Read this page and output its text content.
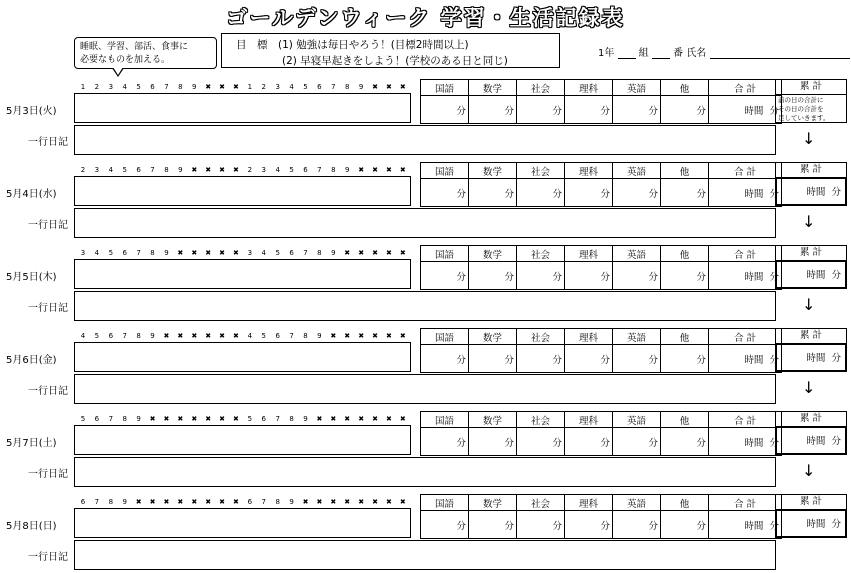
ゴールデンウィーク 学習・生活記録表
睡眠、学習、部活、食事に
必要なものを加える。
目　標　(1) 勉強は毎日やろう！(目標2時間以上)
(2) 早寝早起きをしよう！(学校のある日と同じ)
1年 組 番 氏名
1	2	3	4	5	6	7	8	9	✖ ✖ ✖	1	2	3	4	5	6	7	8	9	✖ ✖ ✖
5月3日(火)
国語	数学	社会	理科	英語	他	合 計
分	分	分	分	分	分	時間 分
累 計
前の日の合計に
その日の合計を
足していきます。
一行日記	↓
2	3	4	5	6	7	8	9	✖ ✖ ✖ ✖	2	3	4	5	6	7	8	9	✖ ✖ ✖ ✖
5月4日(水)
国語	数学	社会	理科	英語	他	合 計
分	分	分	分	分	分	時間 分
累 計
時間 分
一行日記	↓
3	4	5	6	7	8	9	✖ ✖ ✖ ✖ ✖	3	4	5	6	7	8	9	✖ ✖ ✖ ✖ ✖
5月5日(木)
国語	数学	社会	理科	英語	他	合 計
分	分	分	分	分	分	時間 分
累 計
時間 分
一行日記	↓
4	5	6	7	8	9	✖ ✖ ✖ ✖ ✖ ✖	4	5	6	7	8	9	✖ ✖ ✖ ✖ ✖ ✖
5月6日(金)
国語	数学	社会	理科	英語	他	合 計
分	分	分	分	分	分	時間 分
累 計
時間 分
一行日記	↓
5	6	7	8	9	✖ ✖ ✖ ✖ ✖ ✖ ✖	5	6	7	8	9	✖ ✖ ✖ ✖ ✖ ✖ ✖
5月7日(土)
国語	数学	社会	理科	英語	他	合 計
分	分	分	分	分	分	時間 分
累 計
時間 分
一行日記	↓
6	7	8	9	✖ ✖ ✖ ✖ ✖ ✖ ✖ ✖	6	7	8	9	✖ ✖ ✖ ✖ ✖ ✖ ✖ ✖
5月8日(日)
国語	数学	社会	理科	英語	他	合 計
分	分	分	分	分	分	時間 分
累 計
時間 分
一行日記
